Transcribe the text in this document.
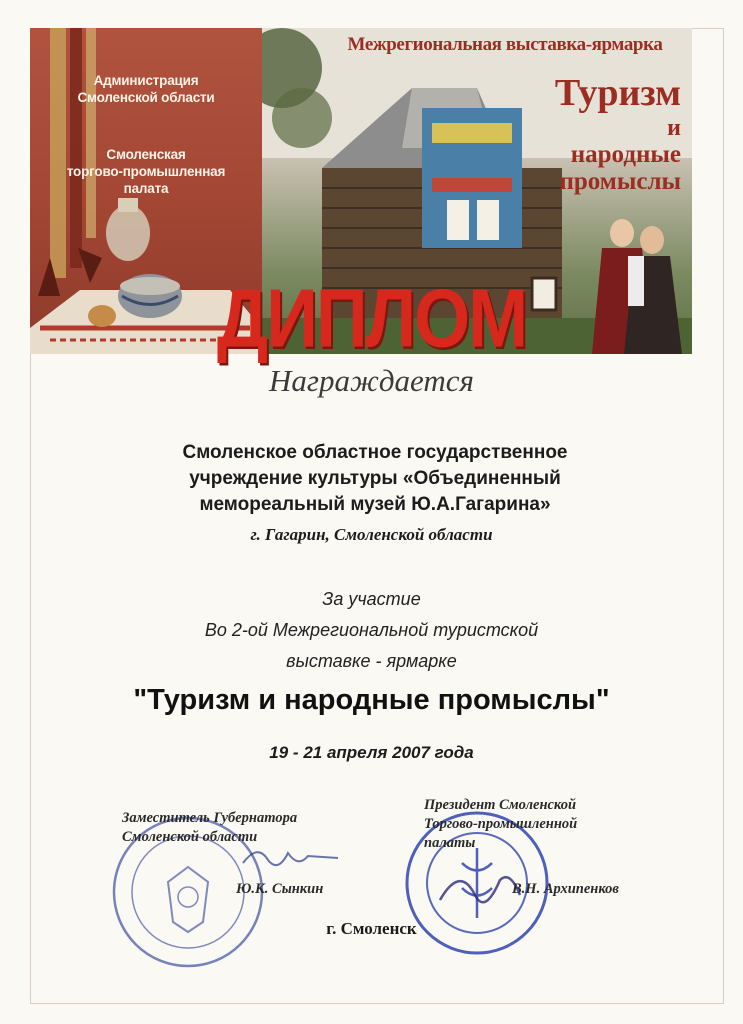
Администрация
Смоленской области
Смоленская
торгово-промышленная
палата
Межрегиональная выставка-ярмарка
Туризм
и
народные
промыслы
ДИПЛОМ
Награждается
Смоленское областное государственное
учреждение культуры «Объединенный
мемореальный музей Ю.А.Гагарина»
г. Гагарин, Смоленской области
За участие
Во 2-ой Межрегиональной туристской
выставке - ярмарке
"Туризм и народные промыслы"
19 - 21 апреля 2007 года
Заместитель Губернатора
Смоленской области
Ю.К. Сынкин
Президент Смоленской
Торгово-промышленной
палаты
В.Н. Архипенков
г. Смоленск
